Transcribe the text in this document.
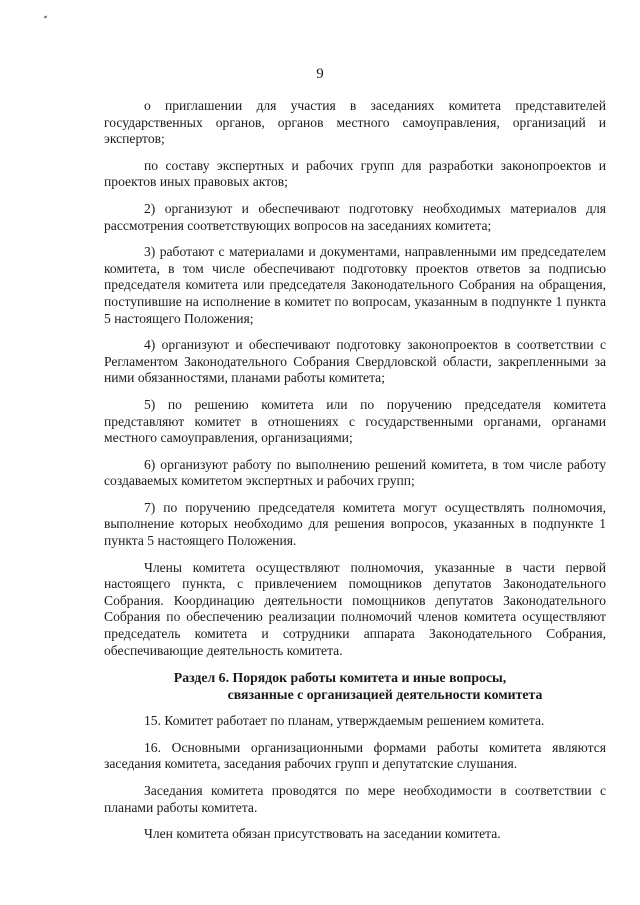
9

о приглашении для участия в заседаниях комитета представителей государственных органов, органов местного самоуправления, организаций и экспертов;

по составу экспертных и рабочих групп для разработки законопроектов и проектов иных правовых актов;

2) организуют и обеспечивают подготовку необходимых материалов для рассмотрения соответствующих вопросов на заседаниях комитета;

3) работают с материалами и документами, направленными им председателем комитета, в том числе обеспечивают подготовку проектов ответов за подписью председателя комитета или председателя Законодательного Собрания на обращения, поступившие на исполнение в комитет по вопросам, указанным в подпункте 1 пункта 5 настоящего Положения;

4) организуют и обеспечивают подготовку законопроектов в соответствии с Регламентом Законодательного Собрания Свердловской области, закрепленными за ними обязанностями, планами работы комитета;

5) по решению комитета или по поручению председателя комитета представляют комитет в отношениях с государственными органами, органами местного самоуправления, организациями;

6) организуют работу по выполнению решений комитета, в том числе работу создаваемых комитетом экспертных и рабочих групп;

7) по поручению председателя комитета могут осуществлять полномочия, выполнение которых необходимо для решения вопросов, указанных в подпункте 1 пункта 5 настоящего Положения.

Члены комитета осуществляют полномочия, указанные в части первой настоящего пункта, с привлечением помощников депутатов Законодательного Собрания. Координацию деятельности помощников депутатов Законодательного Собрания по обеспечению реализации полномочий членов комитета осуществляют председатель комитета и сотрудники аппарата Законодательного Собрания, обеспечивающие деятельность комитета.

Раздел 6. Порядок работы комитета и иные вопросы,
связанные с организацией деятельности комитета

15. Комитет работает по планам, утверждаемым решением комитета.

16. Основными организационными формами работы комитета являются заседания комитета, заседания рабочих групп и депутатские слушания.

Заседания комитета проводятся по мере необходимости в соответствии с планами работы комитета.

Член комитета обязан присутствовать на заседании комитета.
